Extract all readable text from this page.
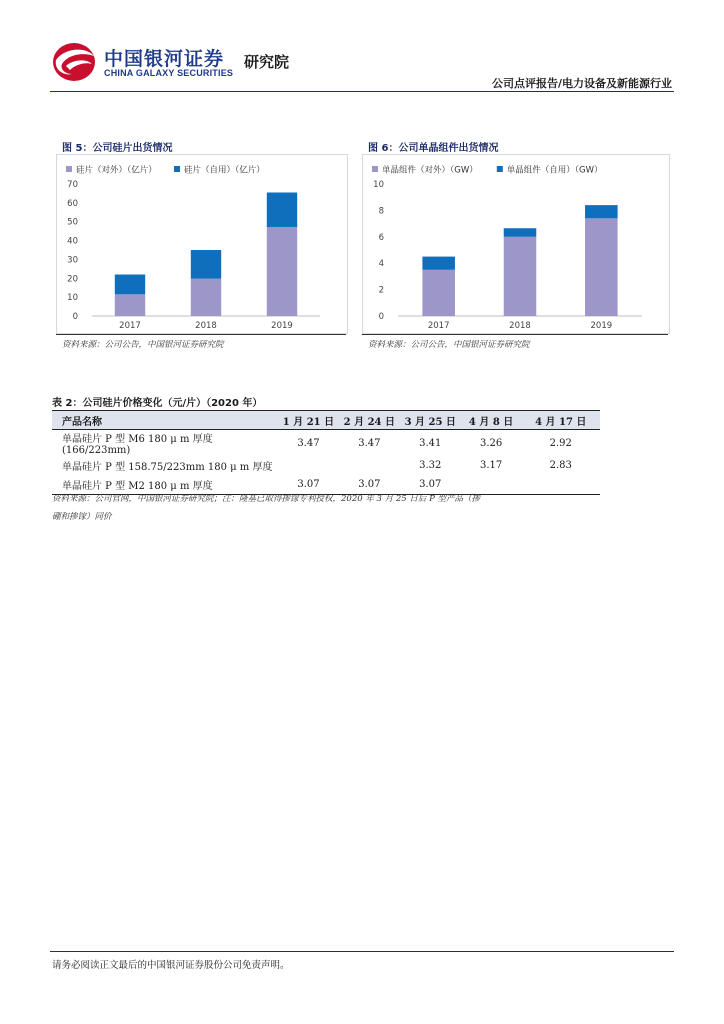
中国银河证券
CHINA GALAXY SECURITIES
研究院
公司点评报告/电力设备及新能源行业
图 5：公司硅片出货情况
硅片（对外）（亿片）	硅片（自用）（亿片）
0
10
20
30
40
50
60
70
2017	2018	2019
资料来源：公司公告，中国银河证券研究院
图 6：公司单晶组件出货情况
单晶组件（对外）（GW）	单晶组件（自用）（GW）
0
2
4
6
8
10
2017	2018	2019
资料来源：公司公告，中国银河证券研究院
表 2：公司硅片价格变化（元/片）（2020 年）
产品名称	1 月 21 日	2 月 24 日	3 月 25 日	4 月 8 日	4 月 17 日
单晶硅片 P 型 M6 180 μ m 厚度(166/223mm)	3.47	3.47	3.41	3.26	2.92
单晶硅片 P 型 158.75/223mm 180 μ m 厚度			3.32	3.17	2.83
单晶硅片 P 型 M2 180 μ m 厚度	3.07	3.07	3.07		
资料来源：公司官网，中国银河证券研究院；注：隆基已取得掺镓专利授权，2020 年 3 月 25 日后 P 型产品（掺
硼和掺镓）同价
请务必阅读正文最后的中国银河证券股份公司免责声明。
